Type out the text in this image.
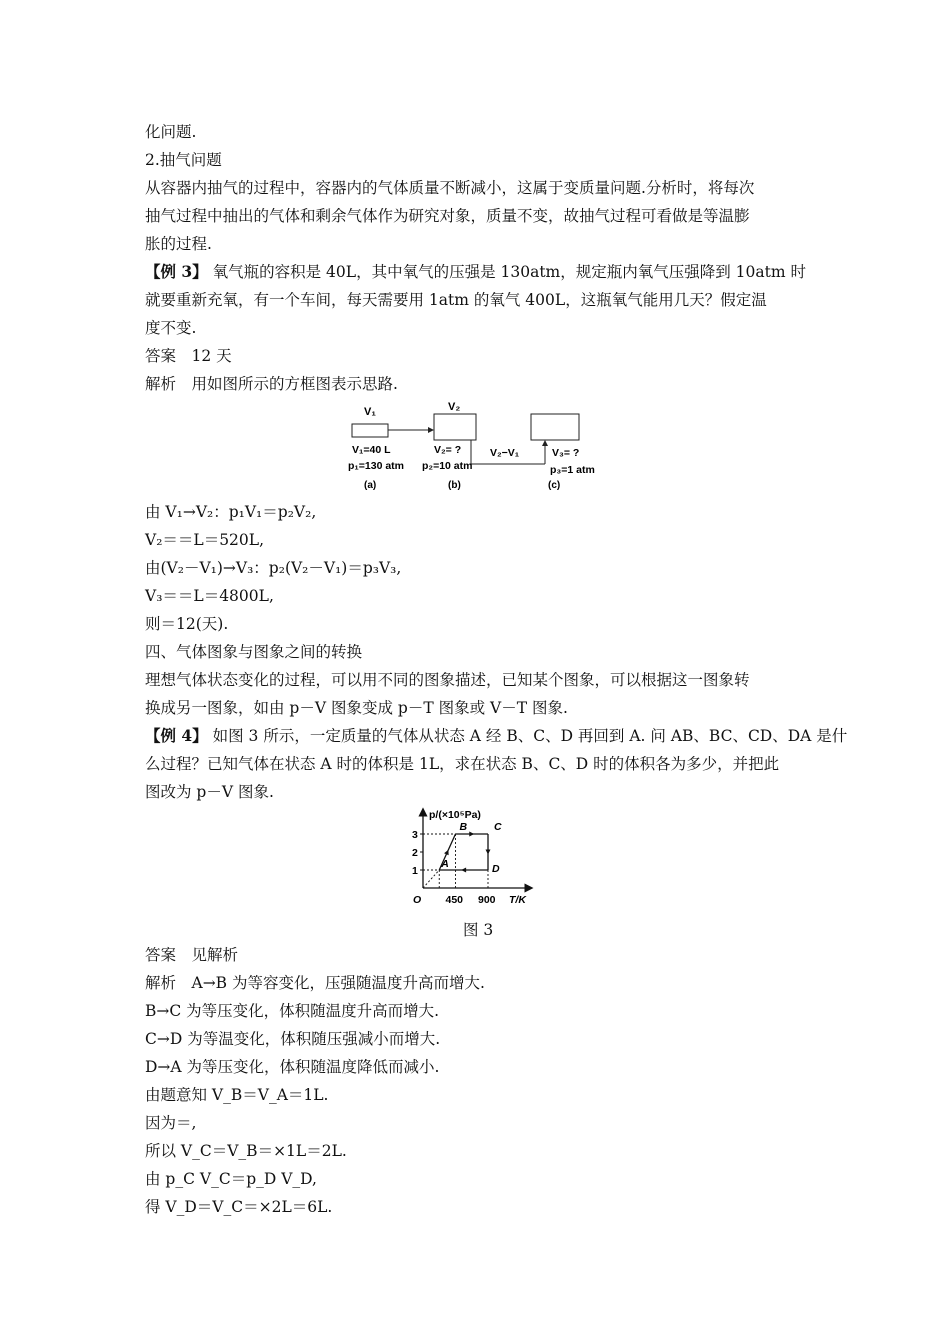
化问题.
2.抽气问题
从容器内抽气的过程中，容器内的气体质量不断减小，这属于变质量问题.分析时，将每次
抽气过程中抽出的气体和剩余气体作为研究对象，质量不变，故抽气过程可看做是等温膨
胀的过程.
【例 3】 氧气瓶的容积是 40L，其中氧气的压强是 130atm，规定瓶内氧气压强降到 10atm 时
就要重新充氧，有一个车间，每天需要用 1atm 的氧气 400L，这瓶氧气能用几天？假定温
度不变.
答案　12 天
解析　用如图所示的方框图表示思路.
V₁
V₁=40 L
p₁=130 atm
(a)
V₂
V₂= ?
p₂=10 atm
(b)
V₂−V₁	V₃= ?
p₃=1 atm
(c)
由 V₁→V₂：p₁V₁＝p₂V₂,
V₂＝＝L＝520L,
由(V₂－V₁)→V₃：p₂(V₂－V₁)＝p₃V₃,
V₃＝＝L＝4800L,
则＝12(天).
四、气体图象与图象之间的转换
理想气体状态变化的过程，可以用不同的图象描述，已知某个图象，可以根据这一图象转
换成另一图象，如由 p－V 图象变成 p－T 图象或 V－T 图象.
【例 4】 如图 3 所示，一定质量的气体从状态 A 经 B、C、D 再回到 A. 问 AB、BC、CD、DA 是什
么过程？已知气体在状态 A 时的体积是 1L，求在状态 B、C、D 时的体积各为多少，并把此
图改为 p－V 图象.
p/(×10⁵Pa)
T/K
O
1
2
3
450 900
A
B	C
D
图 3
答案　见解析
解析　A→B 为等容变化，压强随温度升高而增大.
B→C 为等压变化，体积随温度升高而增大.
C→D 为等温变化，体积随压强减小而增大.
D→A 为等压变化，体积随温度降低而减小.
由题意知 V_B＝V_A＝1L.
因为＝,
所以 V_C＝V_B＝×1L＝2L.
由 p_C V_C＝p_D V_D,
得 V_D＝V_C＝×2L＝6L.
